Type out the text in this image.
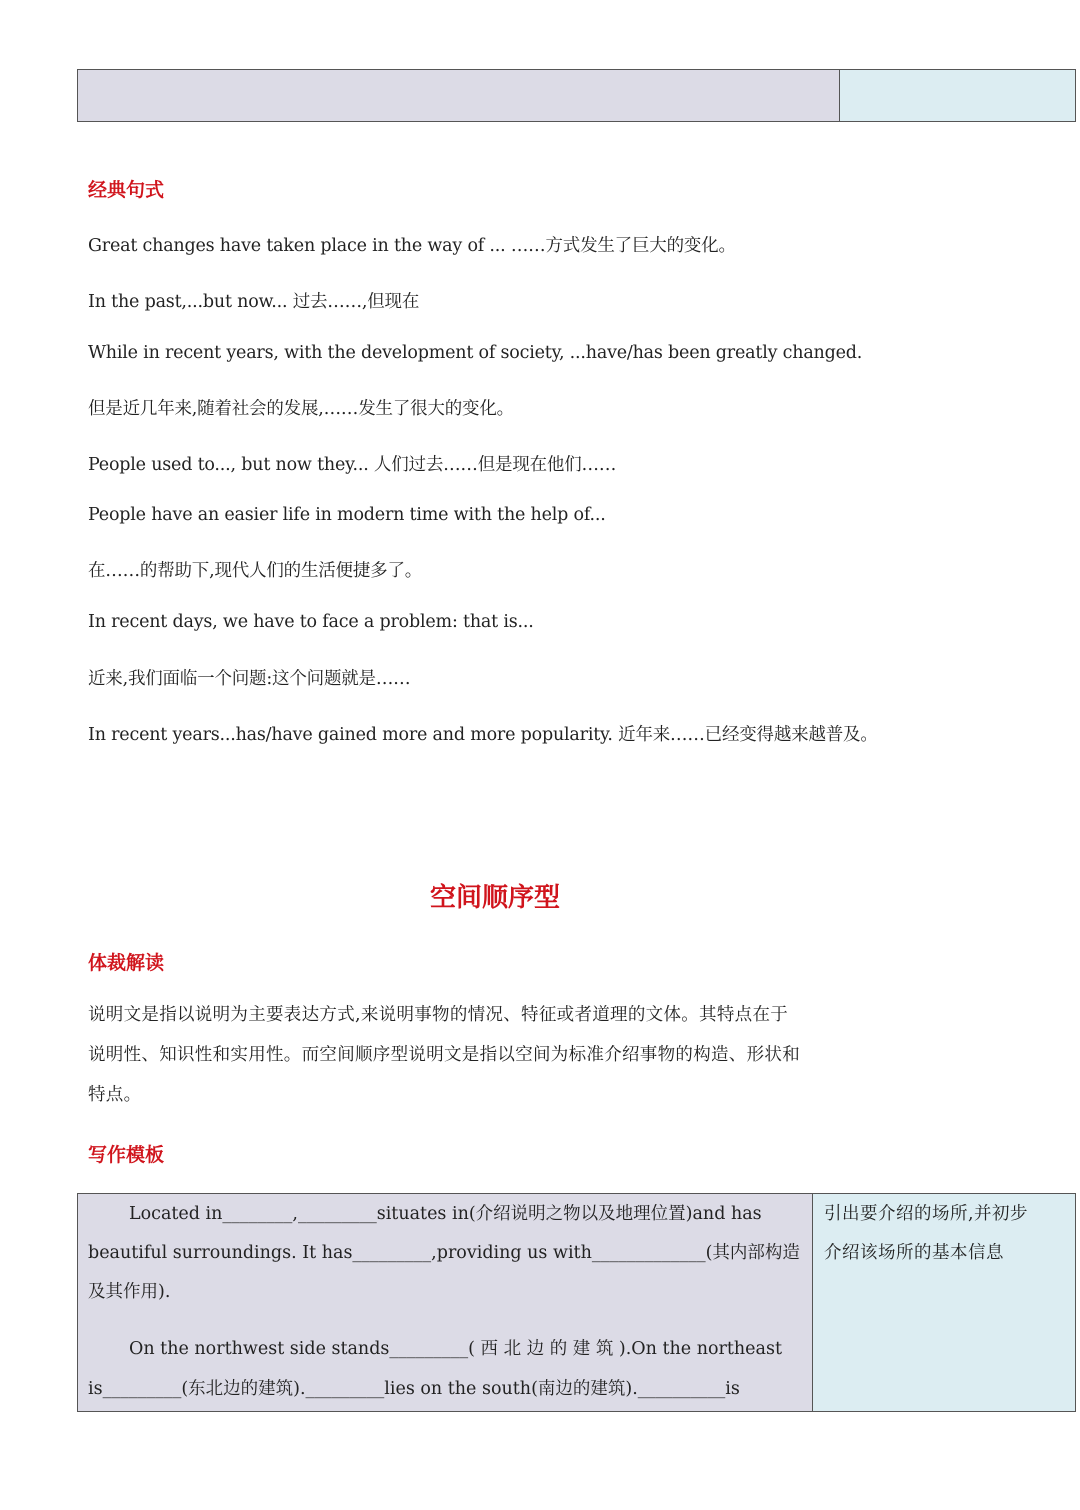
经典句式
Great changes have taken place in the way of ... ……方式发生了巨大的变化。
In the past,...but now... 过去……,但现在
While in recent years, with the development of society, ...have/has been greatly changed.
但是近几年来,随着社会的发展,……发生了很大的变化。
People used to..., but now they... 人们过去……但是现在他们……
People have an easier life in modern time with the help of...
在……的帮助下,现代人们的生活便捷多了。
In recent days, we have to face a problem: that is...
近来,我们面临一个问题:这个问题就是……
In recent years...has/have gained more and more popularity. 近年来……已经变得越来越普及。
空间顺序型
体裁解读
说明文是指以说明为主要表达方式,来说明事物的情况、特征或者道理的文体。其特点在于
说明性、知识性和实用性。而空间顺序型说明文是指以空间为标准介绍事物的构造、形状和
特点。
写作模板
Located in________,_________situates in(介绍说明之物以及地理位置)and has
beautiful surroundings. It has_________,providing us with_____________(其内部构造
及其作用).
On the northwest side stands_________( 西 北 边 的 建 筑 ).On the northeast
is_________(东北边的建筑)._________lies on the south(南边的建筑).__________is
引出要介绍的场所,并初步
介绍该场所的基本信息
